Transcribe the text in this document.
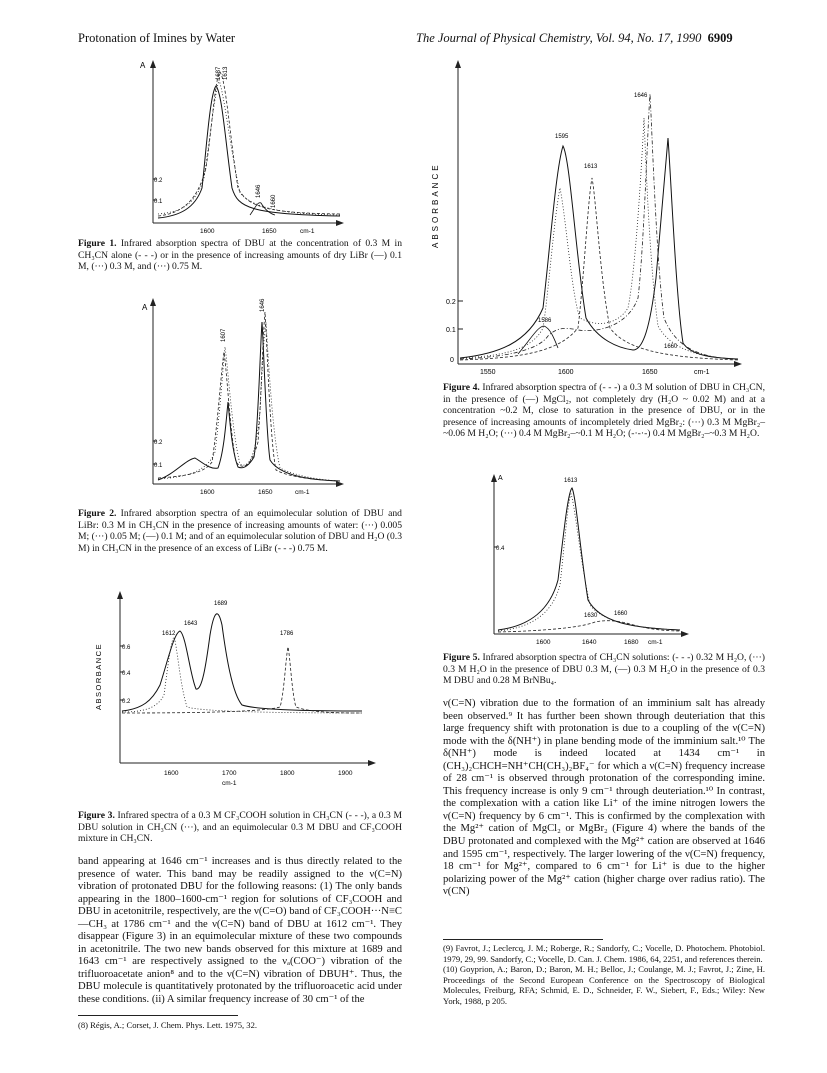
Protonation of Imines by Water	The Journal of Physical Chemistry, Vol. 94, No. 17, 1990 6909
A
0.2
0.1
1687 1613
1646
1660
1600	1650	cm-1
Figure 1. Infrared absorption spectra of DBU at the concentration of 0.3 M in CH₃CN alone (- - -) or in the presence of increasing amounts of dry LiBr (—) 0.1 M, (···) 0.3 M, and (···) 0.75 M.
A
0.2
0.1
1646
1607
1600	1650	cm-1
Figure 2. Infrared absorption spectra of an equimolecular solution of DBU and LiBr: 0.3 M in CH₃CN in the presence of increasing amounts of water: (···) 0.005 M; (···) 0.05 M; (—) 0.1 M; and of an equimolecular solution of DBU and H₂O (0.3 M) in CH₃CN in the presence of an excess of LiBr (- - -) 0.75 M.
ABSORBANCE	0.6
0.4
0.2
1689
1643
1612	1786
1600	1700	1800	1900
cm-1
Figure 3. Infrared spectra of a 0.3 M CF₃COOH solution in CH₃CN (- - -), a 0.3 M DBU solution in CH₃CN (···), and an equimolecular 0.3 M DBU and CF₃COOH mixture in CH₃CN.
band appearing at 1646 cm⁻¹ increases and is thus directly related to the presence of water. This band may be readily assigned to the ν(C=N) vibration of protonated DBU for the following reasons: (1) The only bands appearing in the 1800–1600-cm⁻¹ region for solutions of CF₃COOH and DBU in acetonitrile, respectively, are the ν(C=O) band of CF₃COOH···N≡C—CH₃ at 1786 cm⁻¹ and the ν(C=N) band of DBU at 1612 cm⁻¹. They disappear (Figure 3) in an equimolecular mixture of these two compounds in acetonitrile. The two new bands observed for this mixture at 1689 and 1643 cm⁻¹ are respectively assigned to the νₐ(COO⁻) vibration of the trifluoroacetate anion⁸ and to the ν(C=N) vibration of DBUH⁺. Thus, the DBU molecule is quantitatively protonated by the trifluoroacetic acid under these conditions. (ii) A similar frequency increase of 30 cm⁻¹ of the
(8) Régis, A.; Corset, J. Chem. Phys. Lett. 1975, 32.
ABSORBANCE
0.2
0.1
0
1646
1595
1613
1586
1660
1550	1600	1650	cm-1
Figure 4. Infrared absorption spectra of (- - -) a 0.3 M solution of DBU in CH₃CN, in the presence of (—) MgCl₂, not completely dry (H₂O ~ 0.02 M) and at a concentration ~0.2 M, close to saturation in the presence of DBU, or in the presence of increasing amounts of incompletely dried MgBr₂: (···) 0.3 M MgBr₂–~0.06 M H₂O; (···) 0.4 M MgBr₂–~0.1 M H₂O; (-·-·-) 0.4 M MgBr₂–~0.3 M H₂O.
A
0.4
1613
1630	1660
1600	1640	1680 cm-1
Figure 5. Infrared absorption spectra of CH₃CN solutions: (- - -) 0.32 M H₂O, (···) 0.3 M H₂O in the presence of DBU 0.3 M, (—) 0.3 M H₂O in the presence of 0.3 M DBU and 0.28 M BrNBu₄.
ν(C=N) vibration due to the formation of an imminium salt has already been observed.⁹ It has further been shown through deuteriation that this large frequency shift with protonation is due to a coupling of the ν(C=N) mode with the δ(NH⁺) in plane bending mode of the imminium salt.¹⁰ The δ(NH⁺) mode is indeed located at 1434 cm⁻¹ in (CH₃)₂CHCH=NH⁺CH(CH₃)₂BF₄⁻ for which a ν(C=N) frequency increase of 28 cm⁻¹ is observed through protonation of the corresponding imine. This frequency increase is only 9 cm⁻¹ through deuteriation.¹⁰ In contrast, the complexation with a cation like Li⁺ of the imine nitrogen lowers the ν(C=N) frequency by 6 cm⁻¹. This is confirmed by the complexation with the Mg²⁺ cation of MgCl₂ or MgBr₂ (Figure 4) where the bands of the DBU protonated and complexed with the Mg²⁺ cation are observed at 1646 and 1595 cm⁻¹, respectively. The larger lowering of the ν(C=N) frequency, 18 cm⁻¹ for Mg²⁺, compared to 6 cm⁻¹ for Li⁺ is due to the higher polarizing power of the Mg²⁺ cation (higher charge over radius ratio). The ν(CN)
(9) Favrot, J.; Leclercq, J. M.; Roberge, R.; Sandorfy, C.; Vocelle, D. Photochem. Photobiol. 1979, 29, 99. Sandorfy, C.; Vocelle, D. Can. J. Chem. 1986, 64, 2251, and references therein.
(10) Goyprion, A.; Baron, D.; Baron, M. H.; Belloc, J.; Coulange, M. J.; Favrot, J.; Zine, H. Proceedings of the Second European Conference on the Spectroscopy of Biological Molecules, Freiburg, RFA; Schmid, E. D., Schneider, F. W., Siebert, F., Eds.; Wiley: New York, 1988, p 205.
